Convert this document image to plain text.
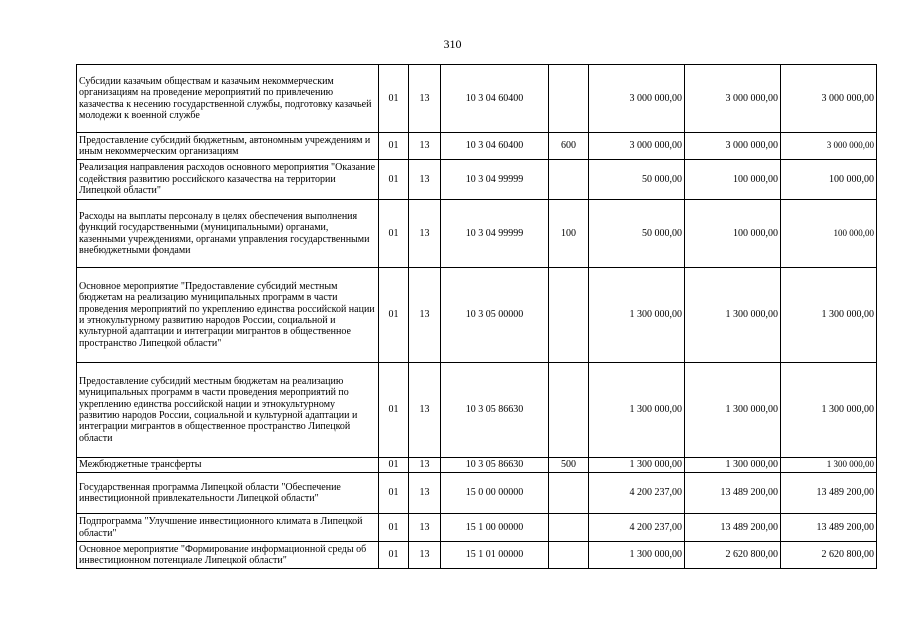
310
Субсидии казачьим обществам и казачьим некоммерческим организациям на проведение мероприятий по привлечению казачества к несению государственной службы, подготовку казачьей молодежи к военной службе	01	13	10 3 04 60400		3 000 000,00	3 000 000,00	3 000 000,00
Предоставление субсидий бюджетным, автономным учреждениям и иным некоммерческим организациям	01	13	10 3 04 60400	600	3 000 000,00	3 000 000,00	3 000 000,00
Реализация направления расходов основного мероприятия "Оказание содействия развитию российского казачества на территории Липецкой области"	01	13	10 3 04 99999		50 000,00	100 000,00	100 000,00
Расходы на выплаты персоналу в целях обеспечения выполнения функций государственными (муниципальными) органами, казенными учреждениями, органами управления государственными внебюджетными фондами	01	13	10 3 04 99999	100	50 000,00	100 000,00	100 000,00
Основное мероприятие "Предоставление субсидий местным бюджетам на реализацию муниципальных программ в части проведения мероприятий по укреплению единства российской нации и этнокультурному развитию народов России, социальной и культурной адаптации и интеграции мигрантов в общественное пространство Липецкой области"	01	13	10 3 05 00000		1 300 000,00	1 300 000,00	1 300 000,00
Предоставление субсидий местным бюджетам на реализацию муниципальных программ в части проведения мероприятий по укреплению единства российской нации и этнокультурному развитию народов России, социальной и культурной адаптации и интеграции мигрантов в общественное пространство Липецкой области	01	13	10 3 05 86630		1 300 000,00	1 300 000,00	1 300 000,00
Межбюджетные трансферты	01	13	10 3 05 86630	500	1 300 000,00	1 300 000,00	1 300 000,00
Государственная программа Липецкой области "Обеспечение инвестиционной привлекательности Липецкой области"	01	13	15 0 00 00000		4 200 237,00	13 489 200,00	13 489 200,00
Подпрограмма "Улучшение инвестиционного климата в Липецкой области"	01	13	15 1 00 00000		4 200 237,00	13 489 200,00	13 489 200,00
Основное мероприятие "Формирование информационной среды об инвестиционном потенциале Липецкой области"	01	13	15 1 01 00000		1 300 000,00	2 620 800,00	2 620 800,00
